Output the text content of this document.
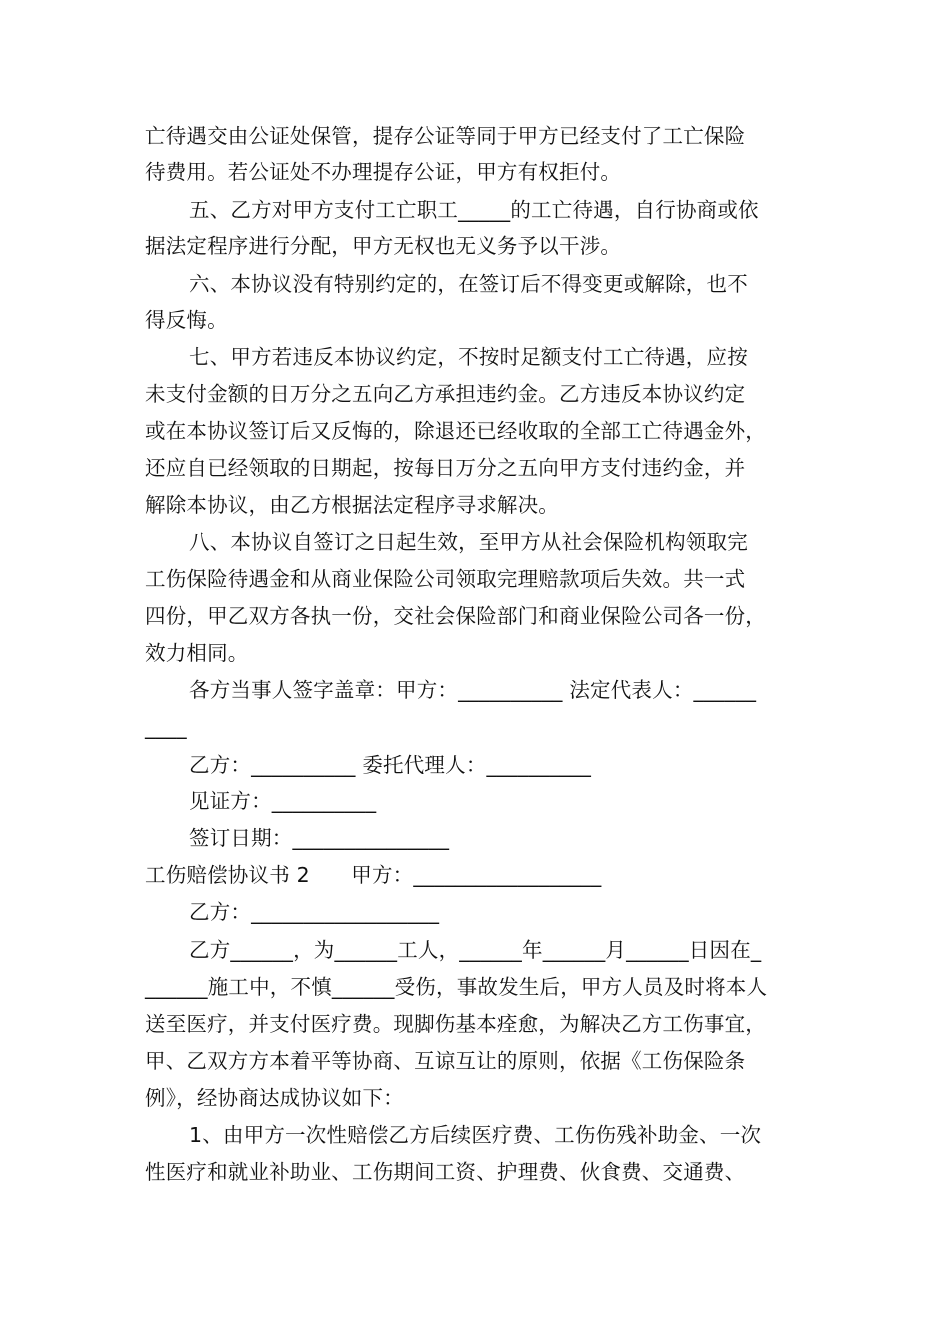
亡待遇交由公证处保管，提存公证等同于甲方已经支付了工亡保险
待费用。若公证处不办理提存公证，甲方有权拒付。
五、乙方对甲方支付工亡职工_____的工亡待遇，自行协商或依
据法定程序进行分配，甲方无权也无义务予以干涉。
六、本协议没有特别约定的，在签订后不得变更或解除，也不
得反悔。
七、甲方若违反本协议约定，不按时足额支付工亡待遇，应按
未支付金额的日万分之五向乙方承担违约金。乙方违反本协议约定
或在本协议签订后又反悔的，除退还已经收取的全部工亡待遇金外，
还应自已经领取的日期起，按每日万分之五向甲方支付违约金，并
解除本协议，由乙方根据法定程序寻求解决。
八、本协议自签订之日起生效，至甲方从社会保险机构领取完
工伤保险待遇金和从商业保险公司领取完理赔款项后失效。共一式
四份，甲乙双方各执一份，交社会保险部门和商业保险公司各一份，
效力相同。
各方当事人签字盖章：甲方：__________ 法定代表人：______
____
乙方：__________ 委托代理人：__________
见证方：__________
签订日期：_______________
工伤赔偿协议书 2　　甲方：__________________
乙方：__________________
乙方______，为______工人，______年______月______日因在_
______施工中，不慎______受伤，事故发生后，甲方人员及时将本人
送至医疗，并支付医疗费。现脚伤基本痊愈，为解决乙方工伤事宜，
甲、乙双方方本着平等协商、互谅互让的原则，依据《工伤保险条
例》，经协商达成协议如下：
1、由甲方一次性赔偿乙方后续医疗费、工伤伤残补助金、一次
性医疗和就业补助业、工伤期间工资、护理费、伙食费、交通费、
